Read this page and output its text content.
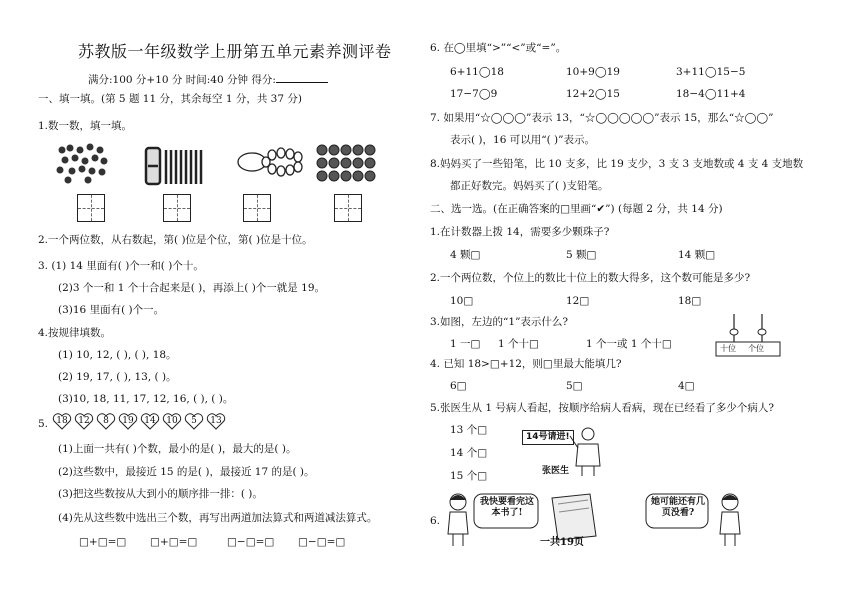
苏教版一年级数学上册第五单元素养测评卷
满分:100 分+10 分 时间:40 分钟 得分:
一、填一填。(第 5 题 11 分，其余每空 1 分，共 37 分)
1.数一数，填一填。
2.一个两位数，从右数起，第( )位是个位，第( )位是十位。
3. (1) 14 里面有( )个一和( )个十。
(2)3 个一和 1 个十合起来是( )，再添上( )个一就是 19。
(3)16 里面有( )个一。
4.按规律填数。
(1) 10, 12, ( ), ( ), 18。
(2) 19, 17, ( ), 13, ( )。
(3)10, 18, 11, 17, 12, 16, ( ), ( )。
5. 18	12	8	19	14	10	5	13
(1)上面一共有( )个数，最小的是( )，最大的是( )。
(2)这些数中，最接近 15 的是( )，最接近 17 的是( )。
(3)把这些数按从大到小的顺序排一排：( )。
(4)先从这些数中选出三个数，再写出两道加法算式和两道减法算式。
□+□=□ □+□=□	□−□=□ □−□=□
6. 在◯里填“>”“<”或“=”。
6+11◯18	10+9◯19	3+11◯15−5
17−7◯9	12+2◯15	18−4◯11+4
7. 如果用“☆◯◯◯”表示 13，“☆◯◯◯◯◯”表示 15，那么“☆◯◯”
表示( )，16 可以用“( )”表示。
8.妈妈买了一些铅笔，比 10 支多，比 19 支少，3 支 3 支地数或 4 支 4 支地数
都正好数完。妈妈买了( )支铅笔。
二、选一选。(在正确答案的□里画“✔”) (每题 2 分，共 14 分)
1.在计数器上拨 14，需要多少颗珠子?
4 颗□	5 颗□	14 颗□
2.一个两位数，个位上的数比十位上的数大得多，这个数可能是多少?
10□	12□	18□
3.如图，左边的“1”表示什么?
1 一□ 1 个十□	1 个一或 1 个十□	十位 个位
4. 已知 18>□+12，则□里最大能填几?
6□	5□	4□
5.张医生从 1 号病人看起，按顺序给病人看病，现在已经看了多少个病人?
13 个□
14 个□
15 个□
14号请进!
张医生
6.
我快要看完这本书了!
她可能还有几页没看?
一共19页
